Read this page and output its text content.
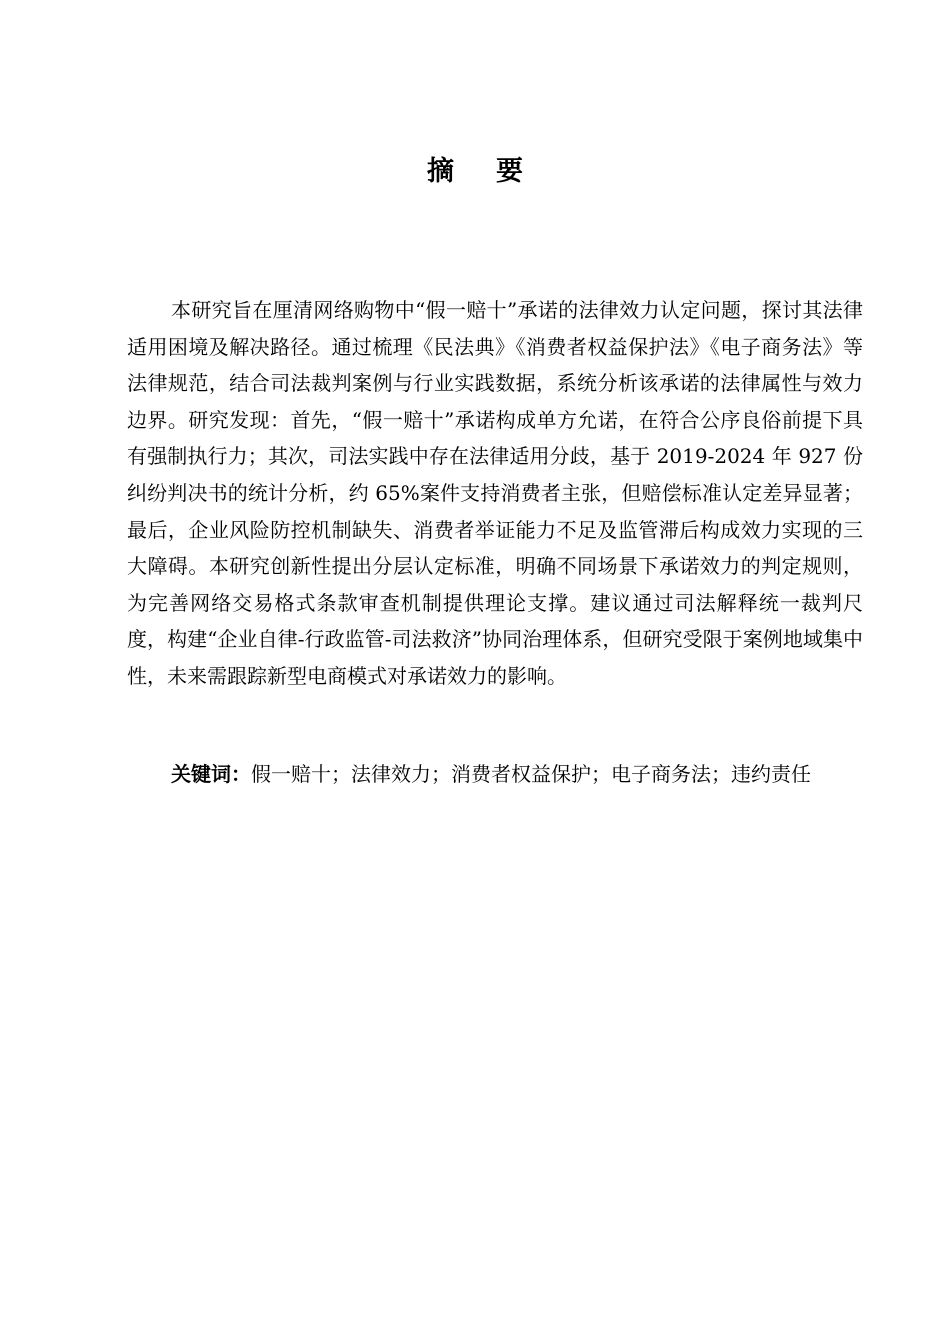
摘 要

本研究旨在厘清网络购物中“假一赔十”承诺的法律效力认定问题，探讨其法律适用困境及解决路径。通过梳理《民法典》《消费者权益保护法》《电子商务法》等法律规范，结合司法裁判案例与行业实践数据，系统分析该承诺的法律属性与效力边界。研究发现：首先，“假一赔十”承诺构成单方允诺，在符合公序良俗前提下具有强制执行力；其次，司法实践中存在法律适用分歧，基于 2019-2024 年 927 份纠纷判决书的统计分析，约 65%案件支持消费者主张，但赔偿标准认定差异显著；最后，企业风险防控机制缺失、消费者举证能力不足及监管滞后构成效力实现的三大障碍。本研究创新性提出分层认定标准，明确不同场景下承诺效力的判定规则，为完善网络交易格式条款审查机制提供理论支撑。建议通过司法解释统一裁判尺度，构建“企业自律-行政监管-司法救济”协同治理体系，但研究受限于案例地域集中性，未来需跟踪新型电商模式对承诺效力的影响。

关键词：假一赔十；法律效力；消费者权益保护；电子商务法；违约责任
